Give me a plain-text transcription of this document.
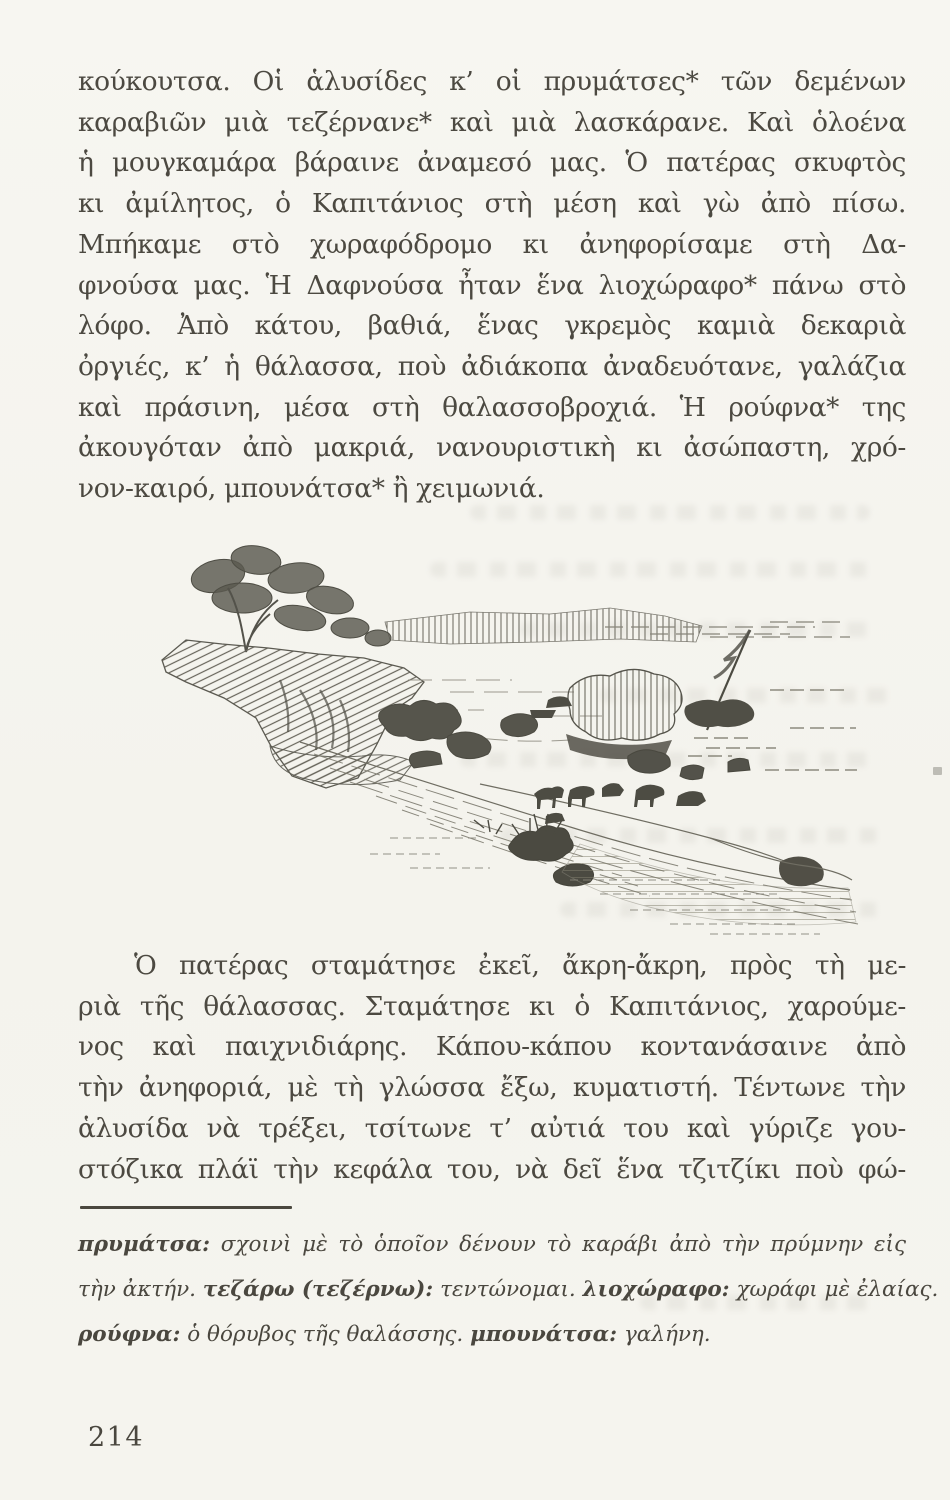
κούκουτσα. Οἱ ἁλυσίδες κ’ οἱ πρυμάτσες* τῶν δεμένων
καραβιῶν μιὰ τεζέρνανε* καὶ μιὰ λασκάρανε. Καὶ ὁλοένα
ἡ μουγκαμάρα βάραινε ἀναμεσό μας. Ὁ πατέρας σκυφτὸς
κι ἀμίλητος, ὁ Καπιτάνιος στὴ μέση καὶ γὼ ἀπὸ πίσω.
Μπήκαμε στὸ χωραφόδρομο κι ἀνηφορίσαμε στὴ Δα-
φνούσα μας. Ἡ Δαφνούσα ἦταν ἕνα λιοχώραφο* πάνω στὸ
λόφο. Ἀπὸ κάτου, βαθιά, ἕνας γκρεμὸς καμιὰ δεκαριὰ
ὀργιές, κ’ ἡ θάλασσα, ποὺ ἀδιάκοπα ἀναδευότανε, γαλάζια
καὶ πράσινη, μέσα στὴ θαλασσοβροχιά. Ἡ ρούφνα* της
ἀκουγόταν ἀπὸ μακριά, νανουριστικὴ κι ἀσώπαστη, χρό-
νον-καιρό, μπουνάτσα* ἢ χειμωνιά.
Ὁ πατέρας σταμάτησε ἐκεῖ, ἄκρη-ἄκρη, πρὸς τὴ με-
ριὰ τῆς θάλασσας. Σταμάτησε κι ὁ Καπιτάνιος, χαρούμε-
νος καὶ παιχνιδιάρης. Κάπου-κάπου κοντανάσαινε ἀπὸ
τὴν ἀνηφοριά, μὲ τὴ γλώσσα ἔξω, κυματιστή. Τέντωνε τὴν
ἁλυσίδα νὰ τρέξει, τσίτωνε τ’ αὐτιά του καὶ γύριζε γου-
στόζικα πλάϊ τὴν κεφάλα του, νὰ δεῖ ἕνα τζιτζίκι ποὺ φώ-
πρυμάτσα: σχοινὶ μὲ τὸ ὁποῖον δένουν τὸ καράβι ἀπὸ τὴν πρύμνην εἰς
τὴν ἀκτήν. τεζάρω (τεζέρνω): τεντώνομαι. λιοχώραφο: χωράφι μὲ ἐλαίας.
ρούφνα: ὁ θόρυβος τῆς θαλάσσης. μπουνάτσα: γαλήνη.
214
